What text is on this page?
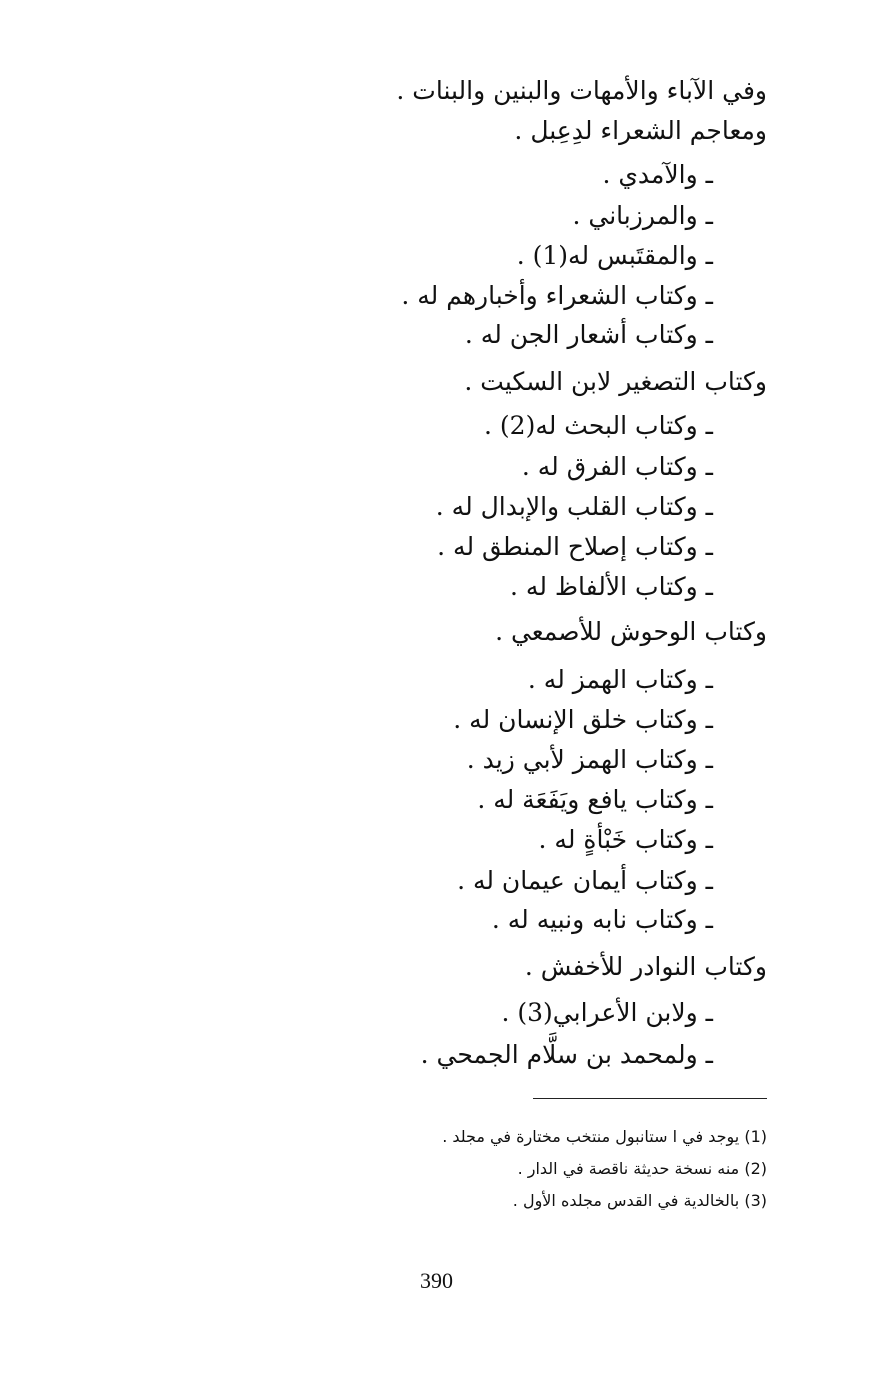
وفي الآباء والأمهات والبنين والبنات .
ومعاجم الشعراء لدِعِبل .
ـ والآمدي .
ـ والمرزباني .
ـ والمقتَبس له(1) .
ـ وكتاب الشعراء وأخبارهم له .
ـ وكتاب أشعار الجن له .
وكتاب التصغير لابن السكيت .
ـ وكتاب البحث له(2) .
ـ وكتاب الفرق له .
ـ وكتاب القلب والإبدال له .
ـ وكتاب إصلاح المنطق له .
ـ وكتاب الألفاظ له .
وكتاب الوحوش للأصمعي .
ـ وكتاب الهمز له .
ـ وكتاب خلق الإنسان له .
ـ وكتاب الهمز لأبي زيد .
ـ وكتاب يافع ويَفَعَة له .
ـ وكتاب خَبْأةٍ له .
ـ وكتاب أيمان عيمان له .
ـ وكتاب نابه ونبيه له .
وكتاب النوادر للأخفش .
ـ ولابن الأعرابي(3) .
ـ ولمحمد بن سلَّام الجمحي .
(1) يوجد في ا ستانبول منتخب مختارة في مجلد .
(2) منه نسخة حديثة ناقصة في الدار .
(3) بالخالدية في القدس مجلده الأول .
390
